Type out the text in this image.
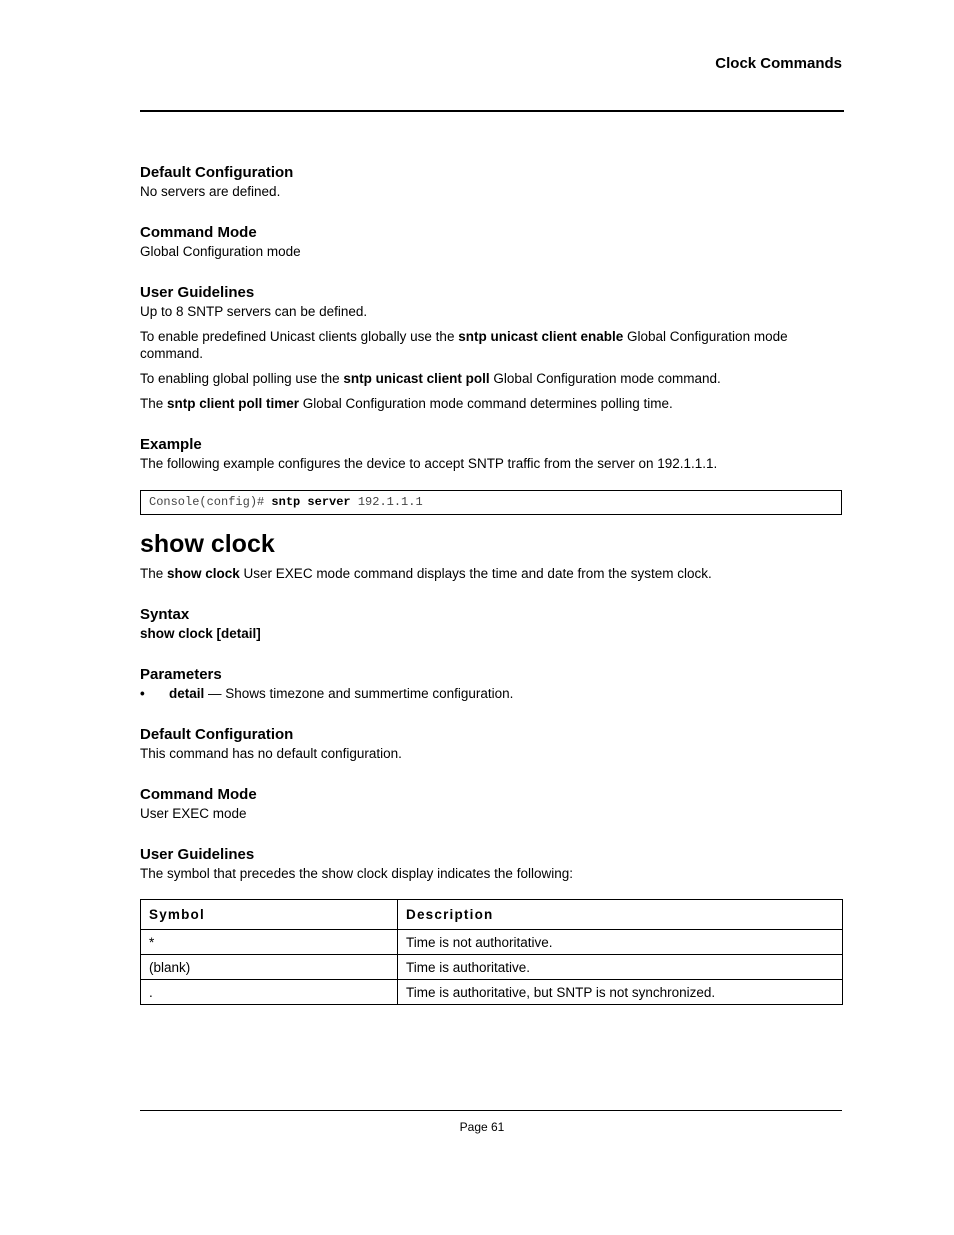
Clock Commands
Default Configuration

No servers are defined.

Command Mode

Global Configuration mode

User Guidelines

Up to 8 SNTP servers can be defined.

To enable predefined Unicast clients globally use the sntp unicast client enable Global Configuration mode command.

To enabling global polling use the sntp unicast client poll Global Configuration mode command.

The sntp client poll timer Global Configuration mode command determines polling time.

Example

The following example configures the device to accept SNTP traffic from the server on 192.1.1.1.

Console(config)# sntp server 192.1.1.1
show clock

The show clock User EXEC mode command displays the time and date from the system clock.

Syntax

show clock [detail]

Parameters
•	detail — Shows timezone and summertime configuration.
Default Configuration

This command has no default configuration.

Command Mode

User EXEC mode

User Guidelines

The symbol that precedes the show clock display indicates the following:

Symbol	Description
*	Time is not authoritative.
(blank)	Time is authoritative.
.	Time is authoritative, but SNTP is not synchronized.
Page 61
